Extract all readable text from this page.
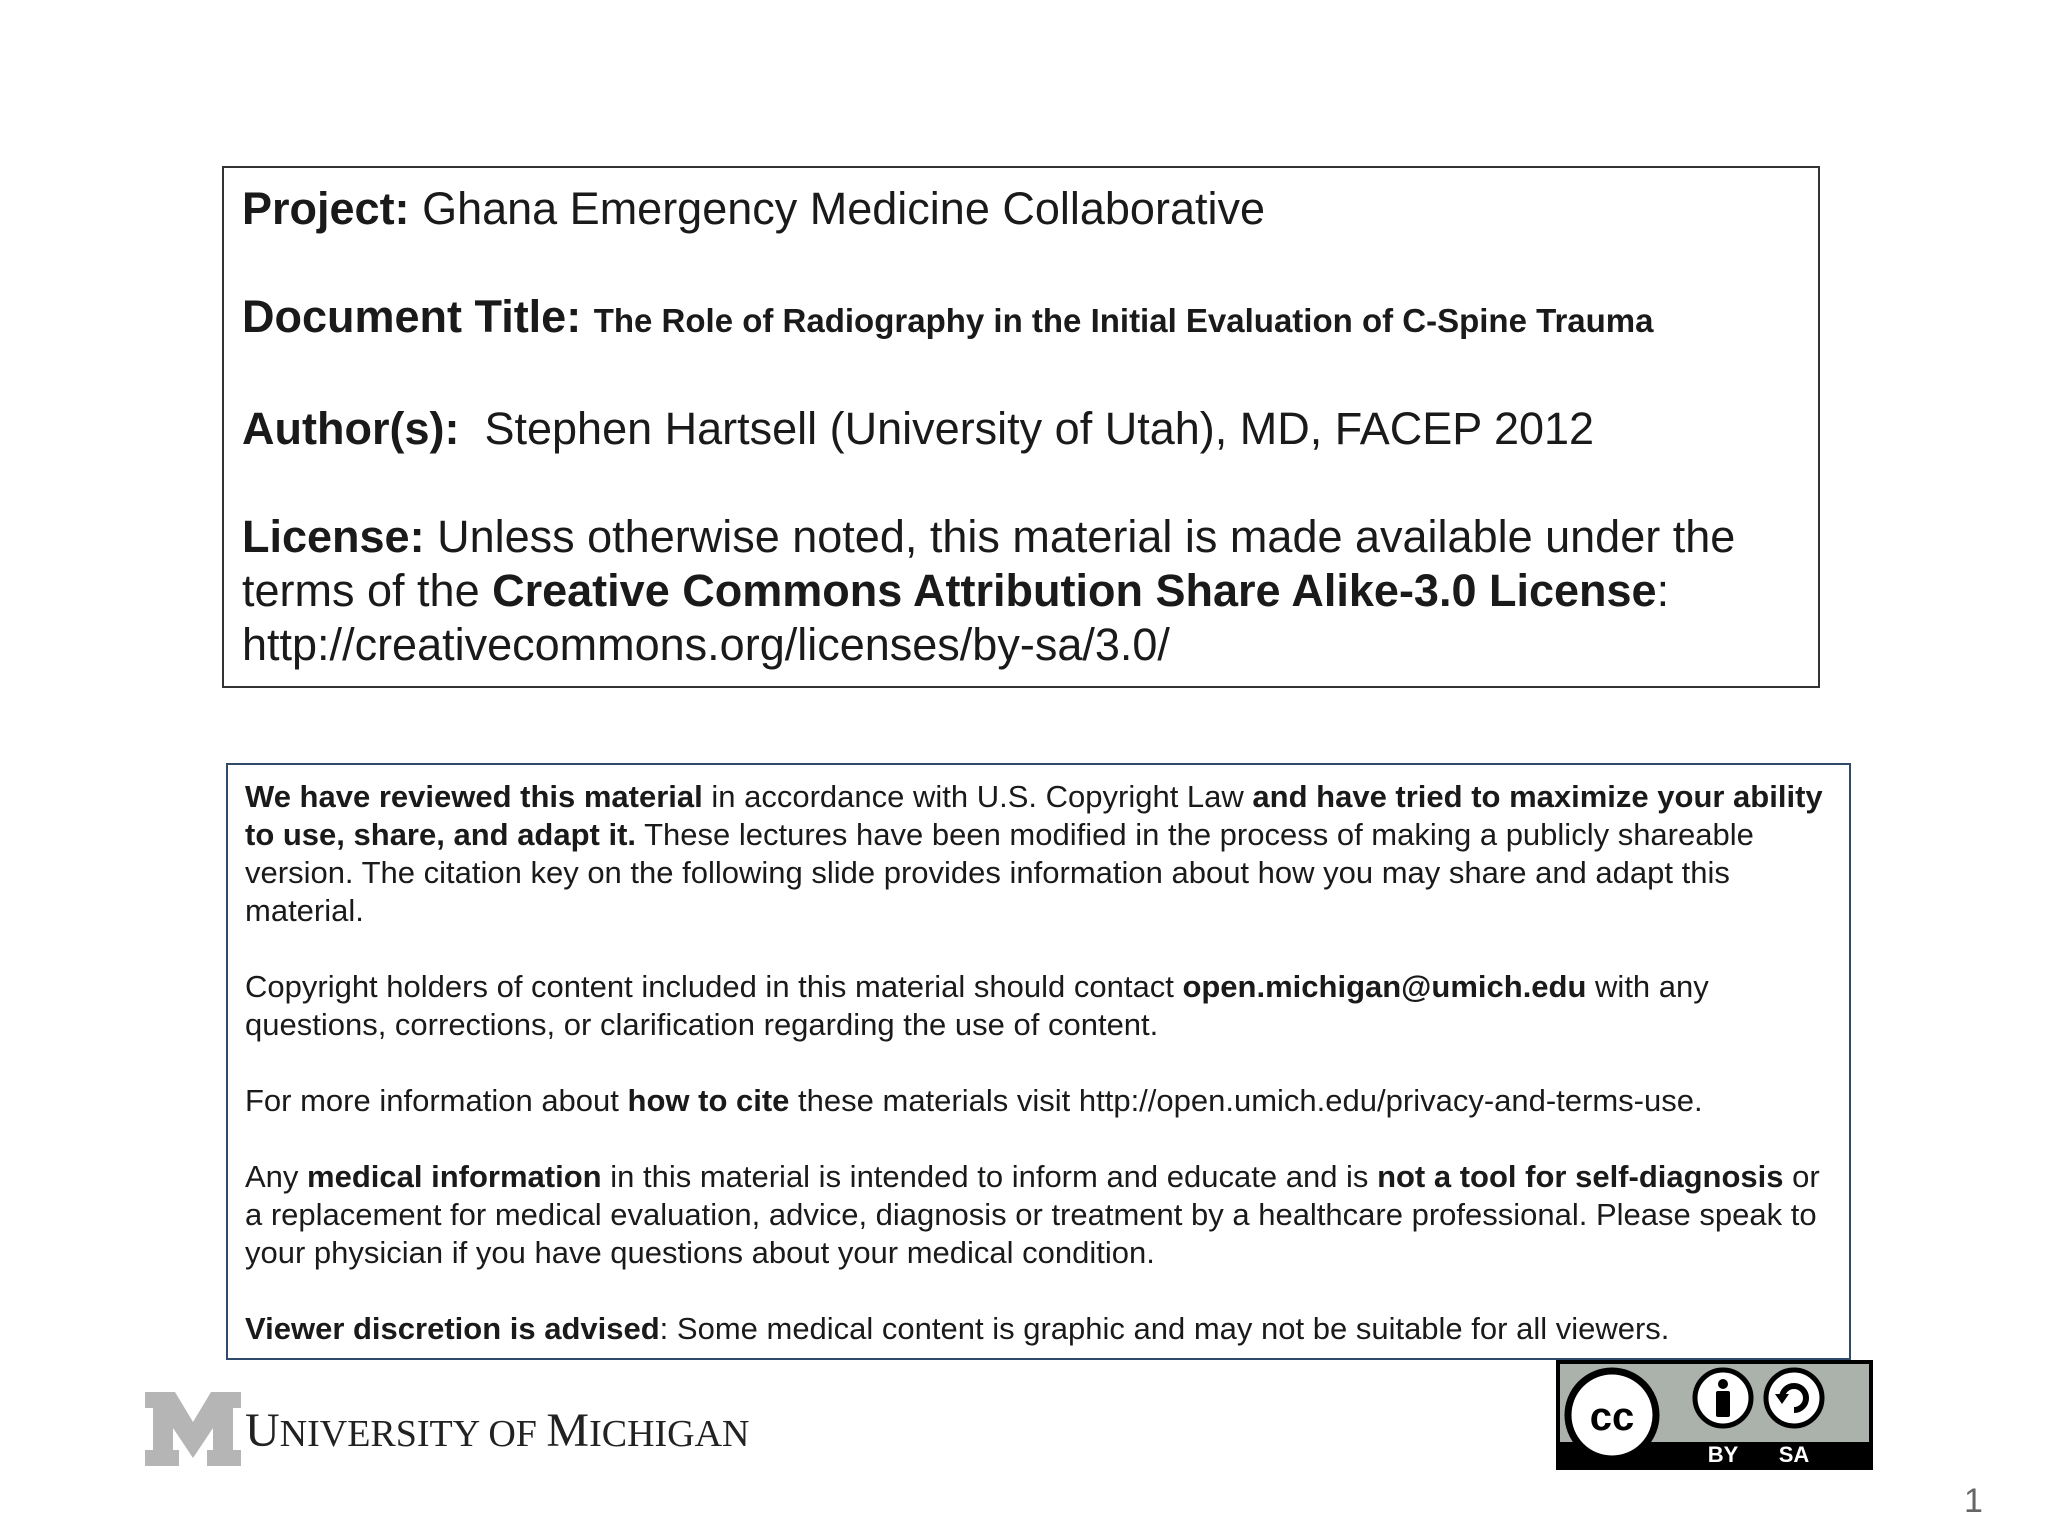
Project: Ghana Emergency Medicine Collaborative

Document Title: The Role of Radiography in the Initial Evaluation of C-Spine Trauma

Author(s): Stephen Hartsell (University of Utah), MD, FACEP 2012

License: Unless otherwise noted, this material is made available under the terms of the Creative Commons Attribution Share Alike-3.0 License:
http://creativecommons.org/licenses/by-sa/3.0/

We have reviewed this material in accordance with U.S. Copyright Law and have tried to maximize your ability to use, share, and adapt it. These lectures have been modified in the process of making a publicly shareable version. The citation key on the following slide provides information about how you may share and adapt this material.

Copyright holders of content included in this material should contact open.michigan@umich.edu with any questions, corrections, or clarification regarding the use of content.

For more information about how to cite these materials visit http://open.umich.edu/privacy-and-terms-use.

Any medical information in this material is intended to inform and educate and is not a tool for self-diagnosis or a replacement for medical evaluation, advice, diagnosis or treatment by a healthcare professional. Please speak to your physician if you have questions about your medical condition.

Viewer discretion is advised: Some medical content is graphic and may not be suitable for all viewers.

UNIVERSITY OF MICHIGAN	cc
BY SA
1
